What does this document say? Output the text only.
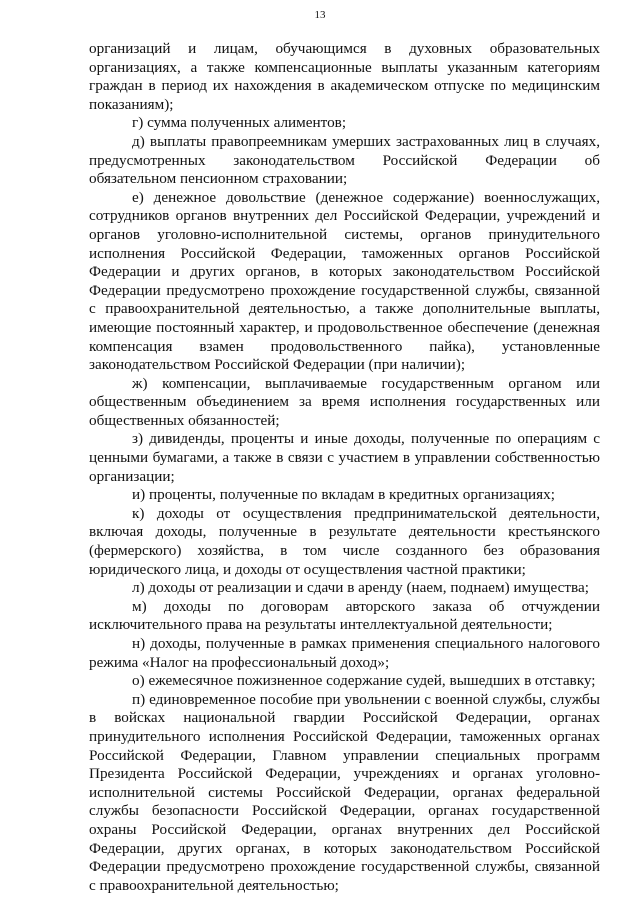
13
организаций и лицам, обучающимся в духовных образовательных
организациях, а также компенсационные выплаты указанным категориям
граждан в период их нахождения в академическом отпуске по медицинским
показаниям);
г) сумма полученных алиментов;
д) выплаты правопреемникам умерших застрахованных лиц в случаях,
предусмотренных законодательством Российской Федерации об
обязательном пенсионном страховании;
е) денежное довольствие (денежное содержание) военнослужащих,
сотрудников органов внутренних дел Российской Федерации, учреждений и
органов уголовно-исполнительной системы, органов принудительного
исполнения Российской Федерации, таможенных органов Российской
Федерации и других органов, в которых законодательством Российской
Федерации предусмотрено прохождение государственной службы, связанной
с правоохранительной деятельностью, а также дополнительные выплаты,
имеющие постоянный характер, и продовольственное обеспечение (денежная
компенсация взамен продовольственного пайка), установленные
законодательством Российской Федерации (при наличии);
ж) компенсации, выплачиваемые государственным органом или
общественным объединением за время исполнения государственных или
общественных обязанностей;
з) дивиденды, проценты и иные доходы, полученные по операциям с
ценными бумагами, а также в связи с участием в управлении собственностью
организации;
и) проценты, полученные по вкладам в кредитных организациях;
к) доходы от осуществления предпринимательской деятельности,
включая доходы, полученные в результате деятельности крестьянского
(фермерского) хозяйства, в том числе созданного без образования
юридического лица, и доходы от осуществления частной практики;
л) доходы от реализации и сдачи в аренду (наем, поднаем) имущества;
м) доходы по договорам авторского заказа об отчуждении
исключительного права на результаты интеллектуальной деятельности;
н) доходы, полученные в рамках применения специального налогового
режима «Налог на профессиональный доход»;
о) ежемесячное пожизненное содержание судей, вышедших в отставку;
п) единовременное пособие при увольнении с военной службы, службы
в войсках национальной гвардии Российской Федерации, органах
принудительного исполнения Российской Федерации, таможенных органах
Российской Федерации, Главном управлении специальных программ
Президента Российской Федерации, учреждениях и органах уголовно-
исполнительной системы Российской Федерации, органах федеральной
службы безопасности Российской Федерации, органах государственной
охраны Российской Федерации, органах внутренних дел Российской
Федерации, других органах, в которых законодательством Российской
Федерации предусмотрено прохождение государственной службы, связанной
с правоохранительной деятельностью;
